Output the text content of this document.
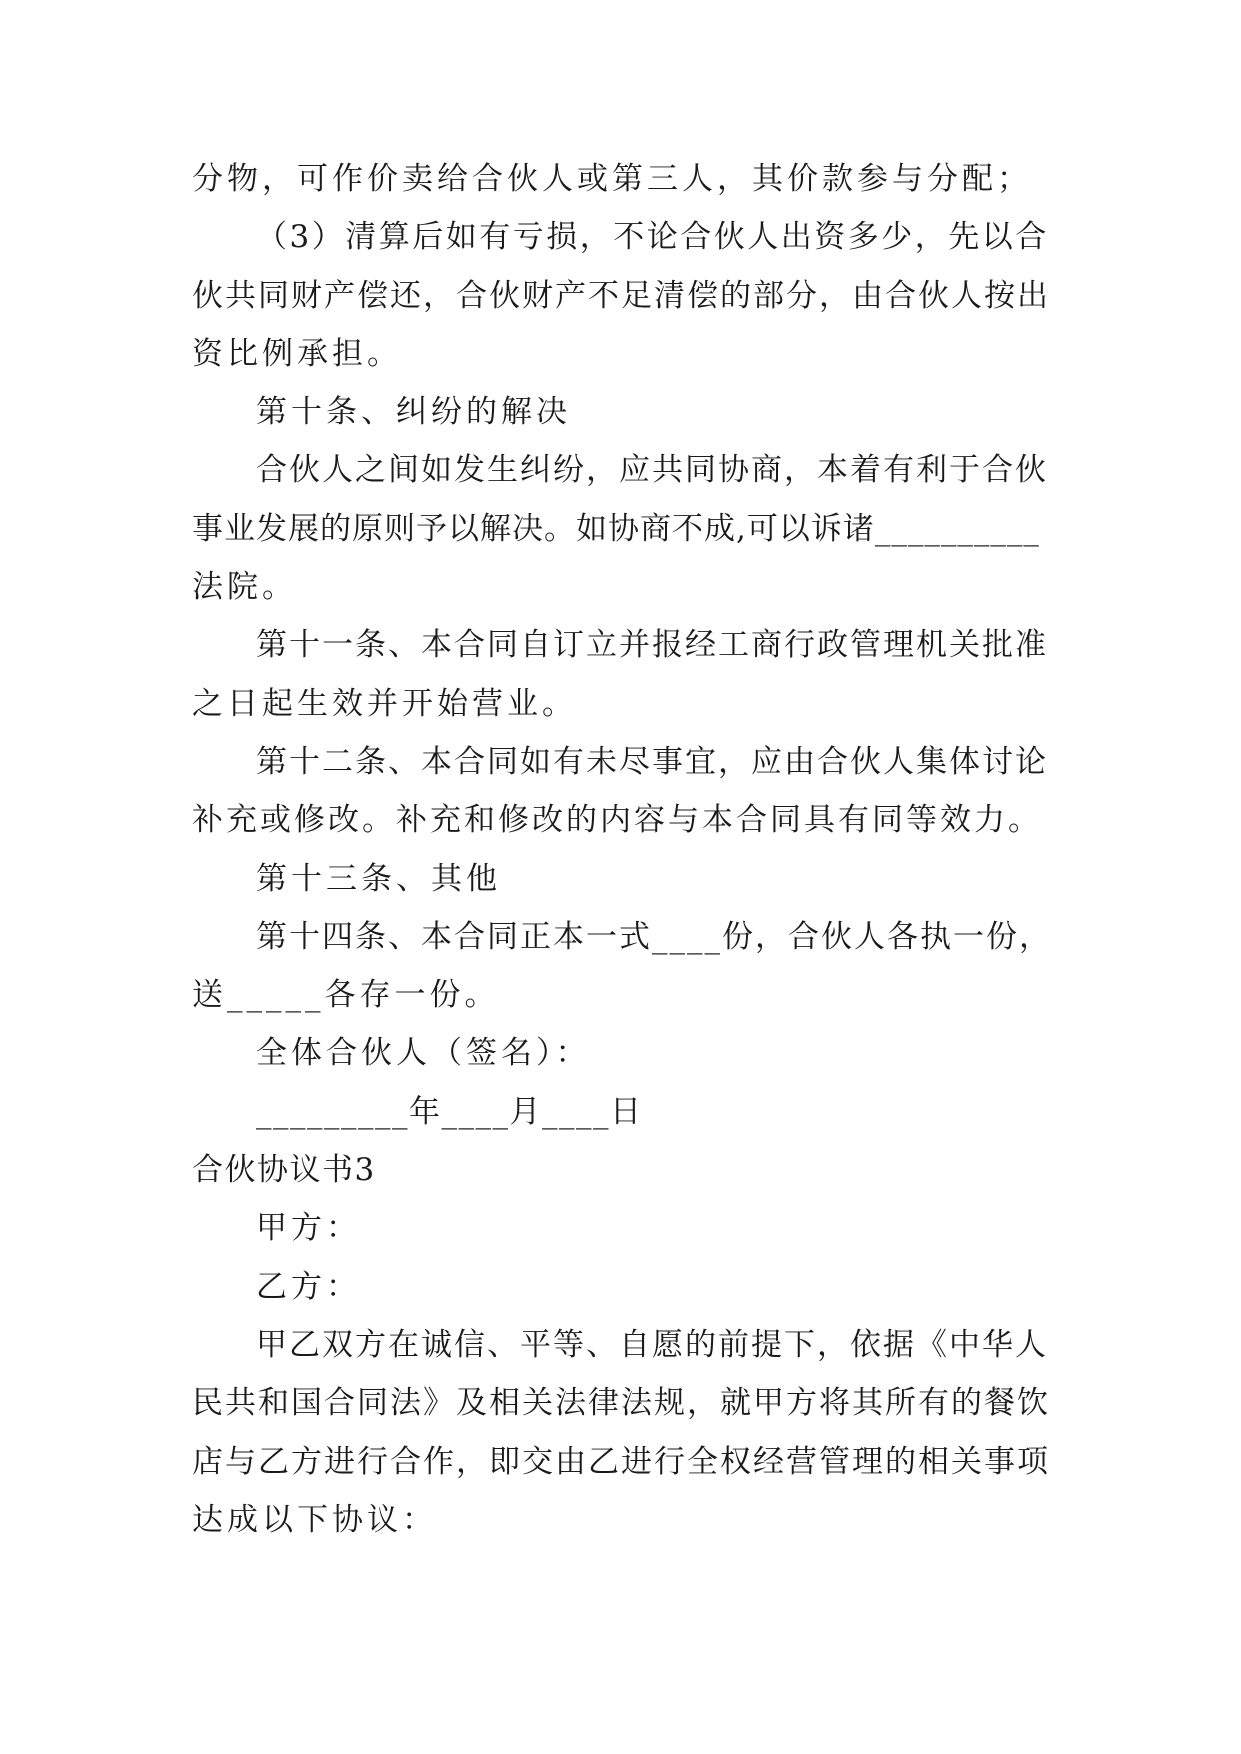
分物，可作价卖给合伙人或第三人，其价款参与分配；
（3）清算后如有亏损，不论合伙人出资多少，先以合
伙共同财产偿还，合伙财产不足清偿的部分，由合伙人按出
资比例承担。
第十条、纠纷的解决
合伙人之间如发生纠纷，应共同协商，本着有利于合伙
事业发展的原则予以解决。如协商不成,可以诉诸__________
法院。
第十一条、本合同自订立并报经工商行政管理机关批准
之日起生效并开始营业。
第十二条、本合同如有未尽事宜，应由合伙人集体讨论
补充或修改。补充和修改的内容与本合同具有同等效力。
第十三条、其他
第十四条、本合同正本一式____份，合伙人各执一份，
送_____各存一份。
全体合伙人（签名）：
_________年____月____日
合伙协议书3
甲方：
乙方：
甲乙双方在诚信、平等、自愿的前提下，依据《中华人
民共和国合同法》及相关法律法规，就甲方将其所有的餐饮
店与乙方进行合作，即交由乙进行全权经营管理的相关事项
达成以下协议：
